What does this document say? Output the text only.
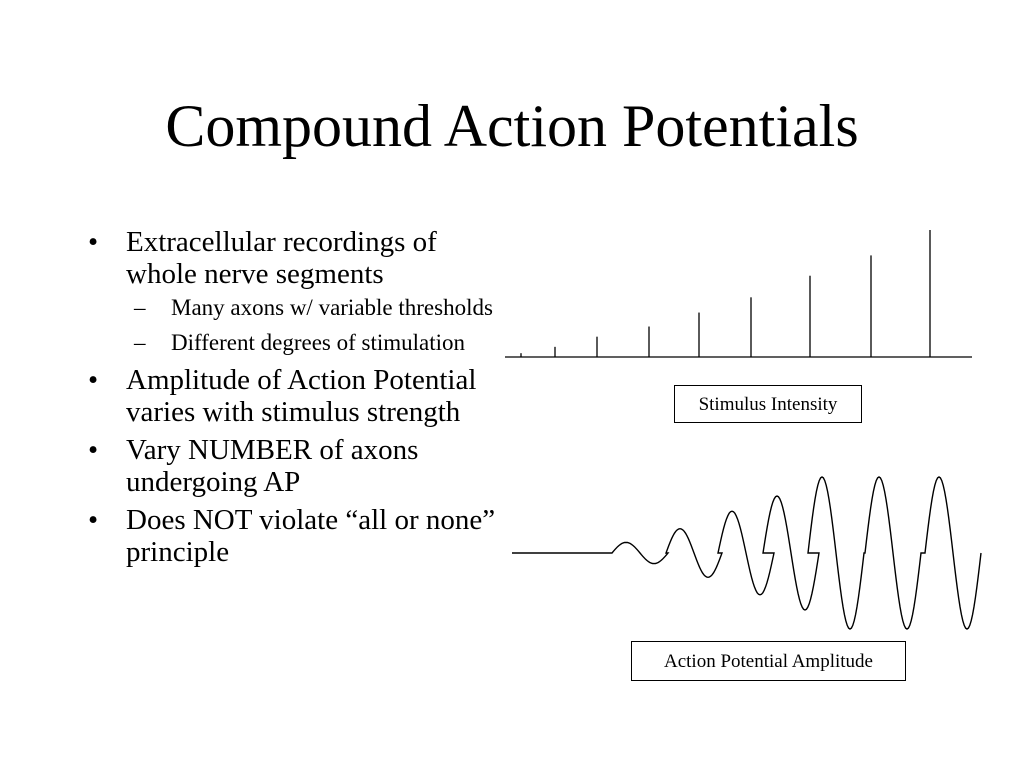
Compound Action Potentials
• Extracellular recordings of whole nerve segments
– Many axons w/ variable thresholds
– Different degrees of stimulation
• Amplitude of Action Potential varies with stimulus strength
• Vary NUMBER of axons undergoing AP
• Does NOT violate “all or none” principle
Stimulus Intensity
Action Potential Amplitude
